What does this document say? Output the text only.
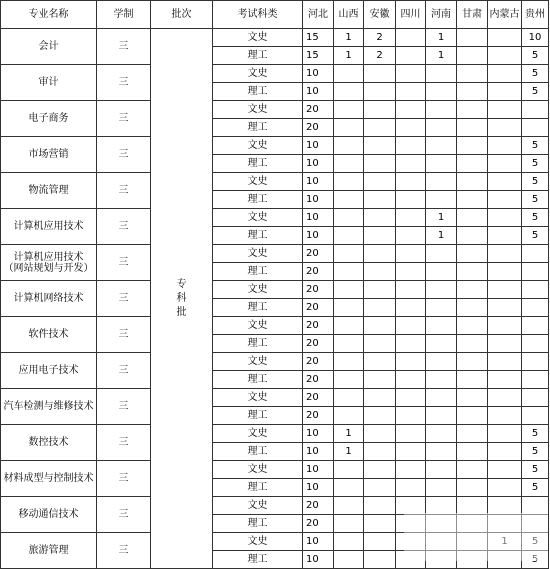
专业名称	学制	批次	考试科类	河北	山西	安徽	四川	河南	甘肃	内蒙古	贵州
会计	三	专科批	文史	15	1	2		1			10
			理工	15	1	2		1			5
审计	三		文史	10							5
			理工	10							5
电子商务	三		文史	20							
			理工	20							
市场营销	三		文史	10							5
			理工	10							5
物流管理	三		文史	10							5
			理工	10							5
计算机应用技术	三		文史	10				1			5
			理工	10				1			5
计算机应用技术
（网站规划与开发）	三		文史	20							
			理工	20							
计算机网络技术	三		文史	20							
			理工	20							
软件技术	三		文史	20							
			理工	20							
应用电子技术	三		文史	20							
			理工	20							
汽车检测与维修技术	三		文史	20							
			理工	20							
数控技术	三		文史	10	1						5
			理工	10	1						5
材料成型与控制技术	三		文史	10							5
			理工	10							5
移动通信技术	三		文史	20							
			理工	20							
旅游管理	三		文史	10						1	5
			理工	10							5
